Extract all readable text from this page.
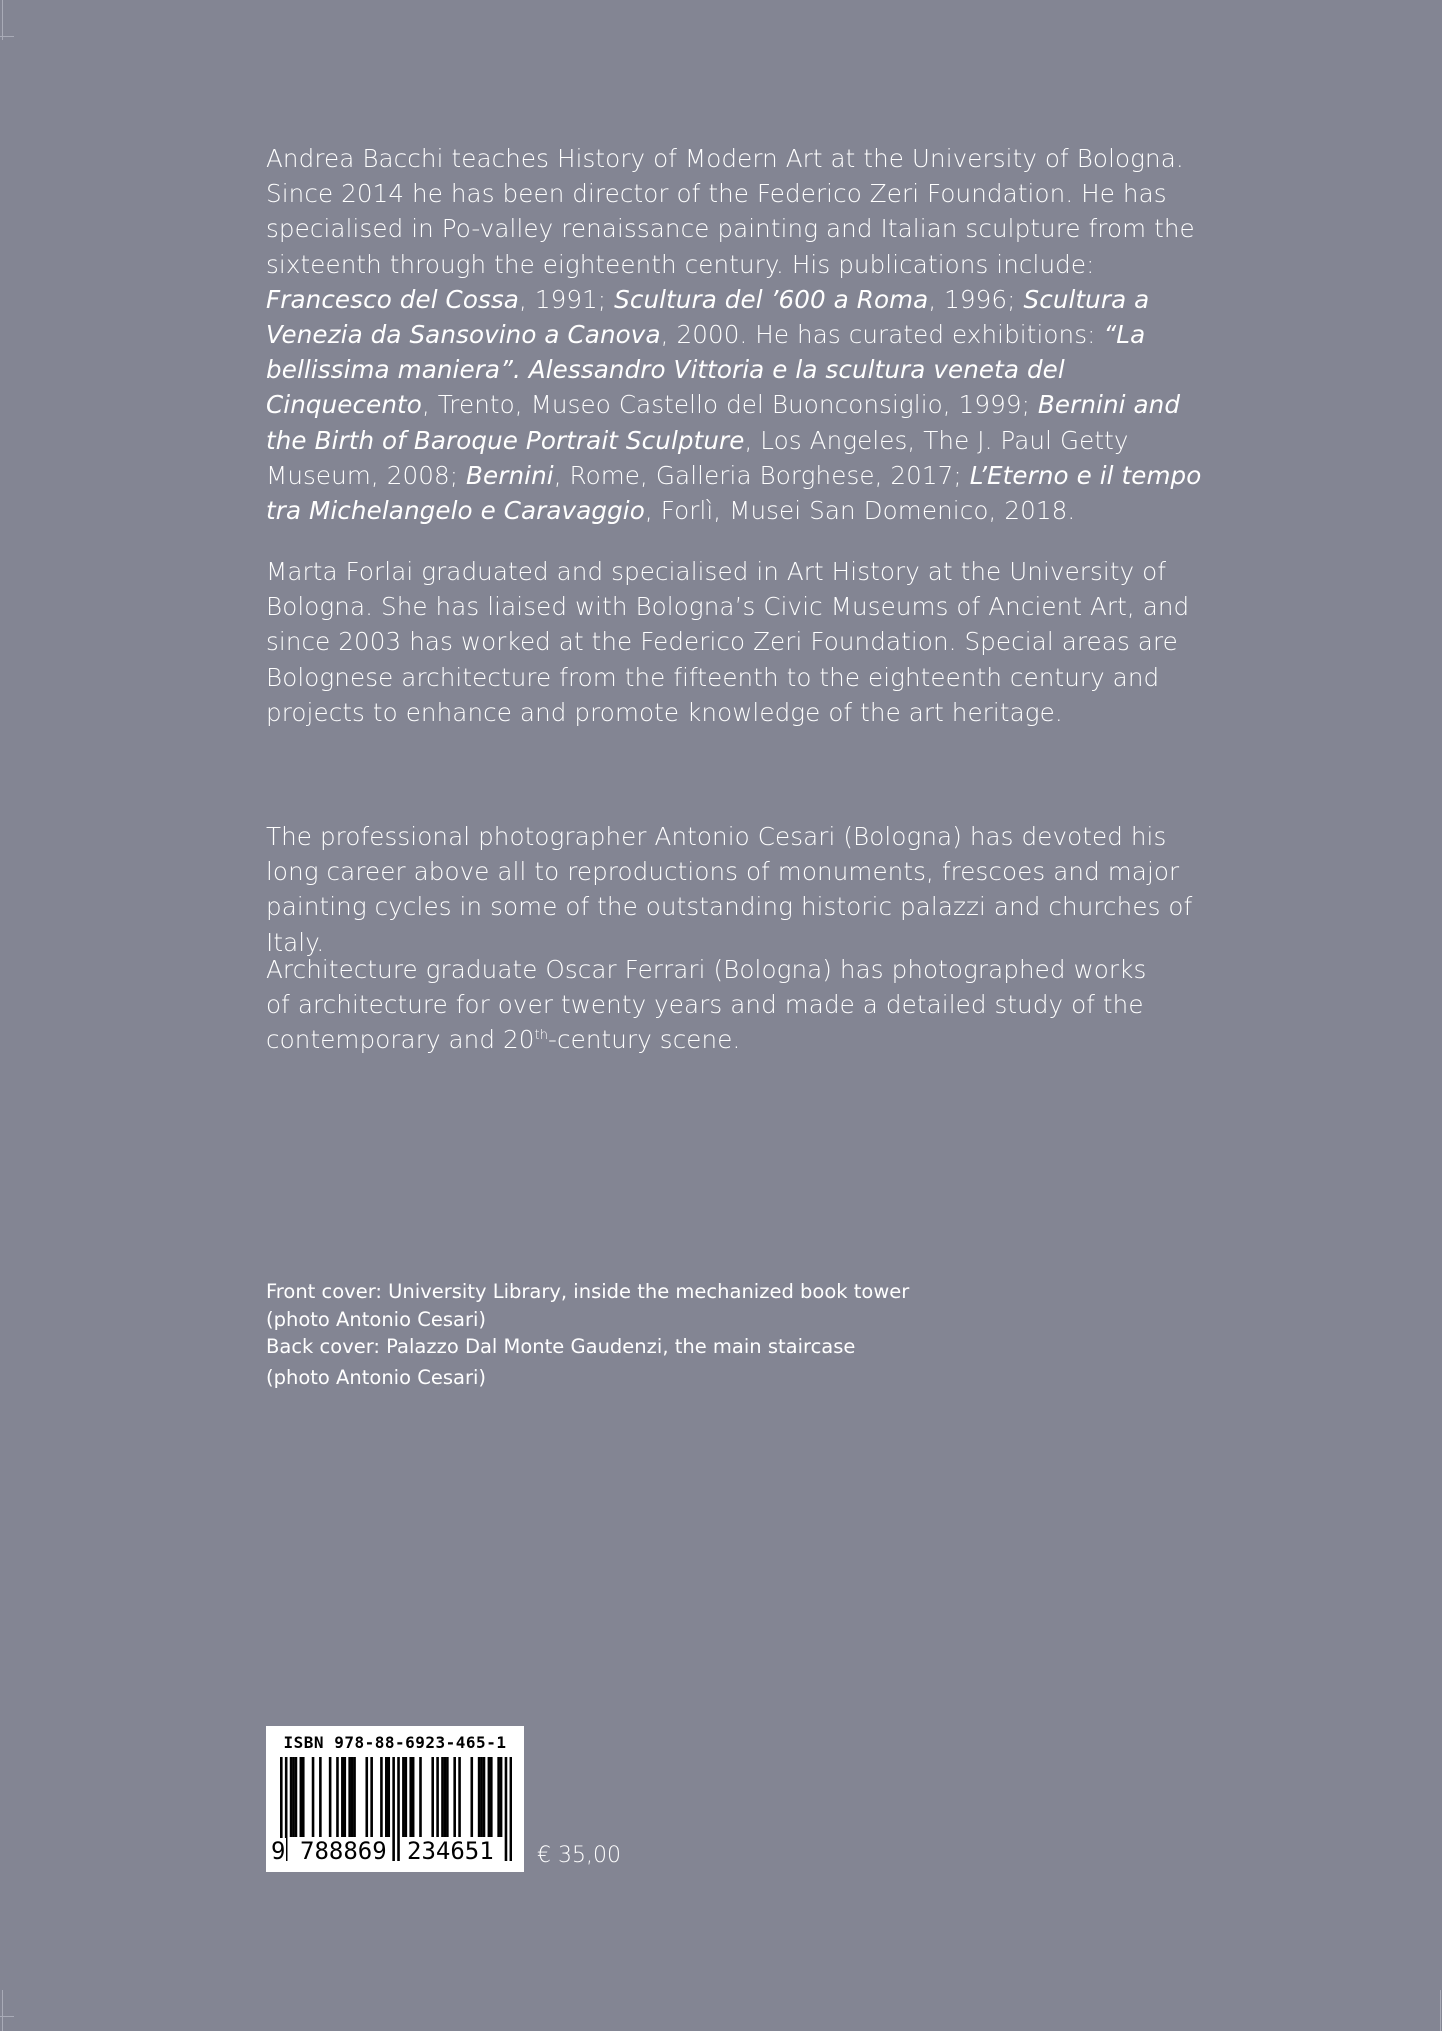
Andrea Bacchi teaches History of Modern Art at the University of Bologna. Since 2014 he has been director of the Federico Zeri Foundation. He has specialised in Po-valley renaissance painting and Italian sculpture from the sixteenth through the eighteenth century. His publications include: Francesco del Cossa, 1991; Scultura del ’600 a Roma, 1996; Scultura a Venezia da Sansovino a Canova, 2000. He has curated exhibitions: “La bellissima maniera”. Alessandro Vittoria e la scultura veneta del Cinquecento, Trento, Museo Castello del Buonconsiglio, 1999; Bernini and the Birth of Baroque Portrait Sculpture, Los Angeles, The J. Paul Getty Museum, 2008; Bernini, Rome, Galleria Borghese, 2017; L’Eterno e il tempo tra Michelangelo e Caravaggio, Forlì, Musei San Domenico, 2018.

Marta Forlai graduated and specialised in Art History at the University of Bologna. She has liaised with Bologna’s Civic Museums of Ancient Art, and since 2003 has worked at the Federico Zeri Foundation. Special areas are Bolognese architecture from the fifteenth to the eighteenth century and projects to enhance and promote knowledge of the art heritage.

The professional photographer Antonio Cesari (Bologna) has devoted his long career above all to reproductions of monuments, frescoes and major painting cycles in some of the outstanding historic palazzi and churches of Italy.

Architecture graduate Oscar Ferrari (Bologna) has photographed works
of architecture for over twenty years and made a detailed study of the
contemporary and 20th-century scene.

Front cover: University Library, inside the mechanized book tower
(photo Antonio Cesari)
Back cover: Palazzo Dal Monte Gaudenzi, the main staircase
(photo Antonio Cesari)
ISBN 978-88-6923-465-1
9 788869 234651 € 35,00
